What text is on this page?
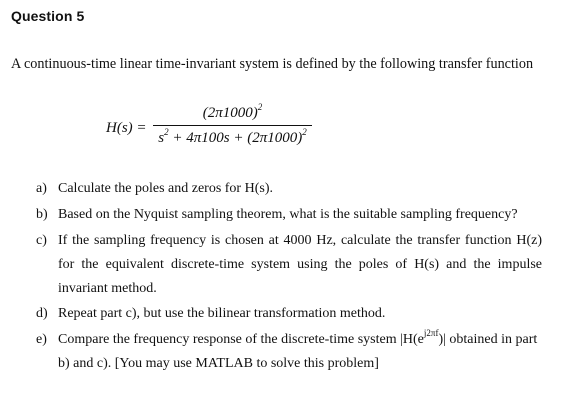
Question 5
A continuous-time linear time-invariant system is defined by the following transfer function
H(s) =
$(2\pi 1000)^2$
$s^2 + 4\pi 100s + (2\pi 1000)^2$
a) Calculate the poles and zeros for H(s).
b) Based on the Nyquist sampling theorem, what is the suitable sampling frequency?
c) If the sampling frequency is chosen at 4000 Hz, calculate the transfer function H(z)
for the equivalent discrete-time system using the poles of H(s) and the impulse
invariant method.
d) Repeat part c), but use the bilinear transformation method.
e) Compare the frequency response of the discrete-time system $|H(e^{j2\pi f})|$ obtained in part
b) and c). [You may use MATLAB to solve this problem]
